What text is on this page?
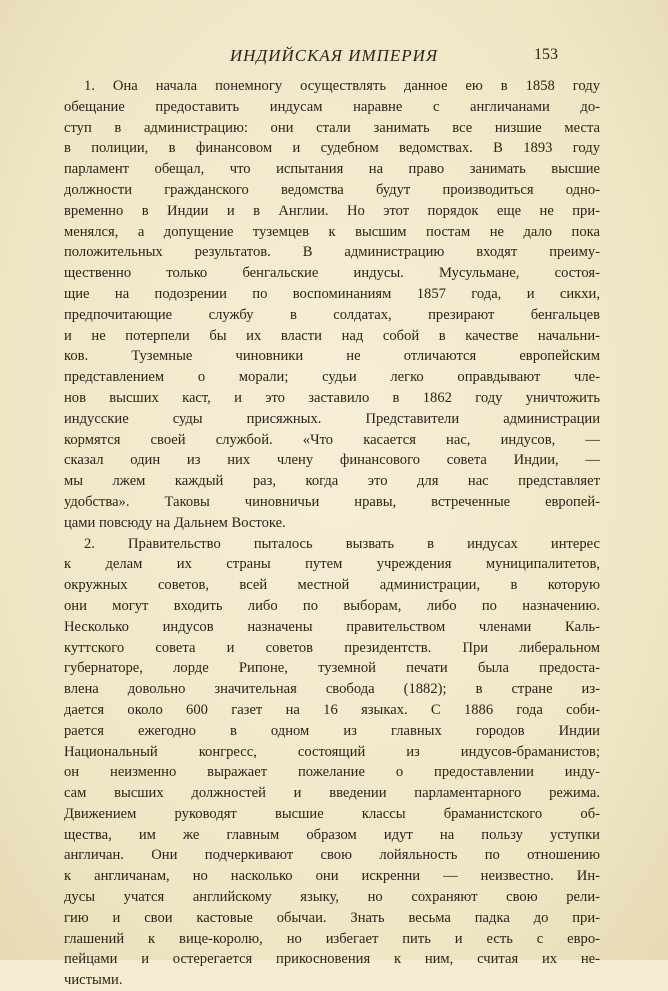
ИНДИЙСКАЯ ИМПЕРИЯ	153
1. Она начала понемногу осуществлять данное ею в 1858 году
обещание предоставить индусам наравне с англичанами до-
ступ в администрацию: они стали занимать все низшие места
в полиции, в финансовом и судебном ведомствах. В 1893 году
парламент обещал, что испытания на право занимать высшие
должности гражданского ведомства будут производиться одно-
временно в Индии и в Англии. Но этот порядок еще не при-
менялся, а допущение туземцев к высшим постам не дало пока
положительных результатов. В администрацию входят преиму-
щественно только бенгальские индусы. Мусульмане, состоя-
щие на подозрении по воспоминаниям 1857 года, и сикхи,
предпочитающие службу в солдатах, презирают бенгальцев
и не потерпели бы их власти над собой в качестве начальни-
ков. Туземные чиновники не отличаются европейским
представлением о морали; судьи легко оправдывают чле-
нов высших каст, и это заставило в 1862 году уничтожить
индусские суды присяжных. Представители администрации
кормятся своей службой. «Что касается нас, индусов, —
сказал один из них члену финансового совета Индии, —
мы лжем каждый раз, когда это для нас представляет
удобства». Таковы чиновничьи нравы, встреченные европей-
цами повсюду на Дальнем Востоке.
2. Правительство пыталось вызвать в индусах интерес
к делам их страны путем учреждения муниципалитетов,
окружных советов, всей местной администрации, в которую
они могут входить либо по выборам, либо по назначению.
Несколько индусов назначены правительством членами Каль-
куттского совета и советов президентств. При либеральном
губернаторе, лорде Рипоне, туземной печати была предоста-
влена довольно значительная свобода (1882); в стране из-
дается около 600 газет на 16 языках. С 1886 года соби-
рается ежегодно в одном из главных городов Индии
Национальный конгресс, состоящий из индусов-браманистов;
он неизменно выражает пожелание о предоставлении инду-
сам высших должностей и введении парламентарного режима.
Движением руководят высшие классы браманистского об-
щества, им же главным образом идут на пользу уступки
англичан. Они подчеркивают свою лойяльность по отношению
к англичанам, но насколько они искренни — неизвестно. Ин-
дусы учатся английскому языку, но сохраняют свою рели-
гию и свои кастовые обычаи. Знать весьма падка до при-
глашений к вице-королю, но избегает пить и есть с евро-
пейцами и остерегается прикосновения к ним, считая их не-
чистыми.
